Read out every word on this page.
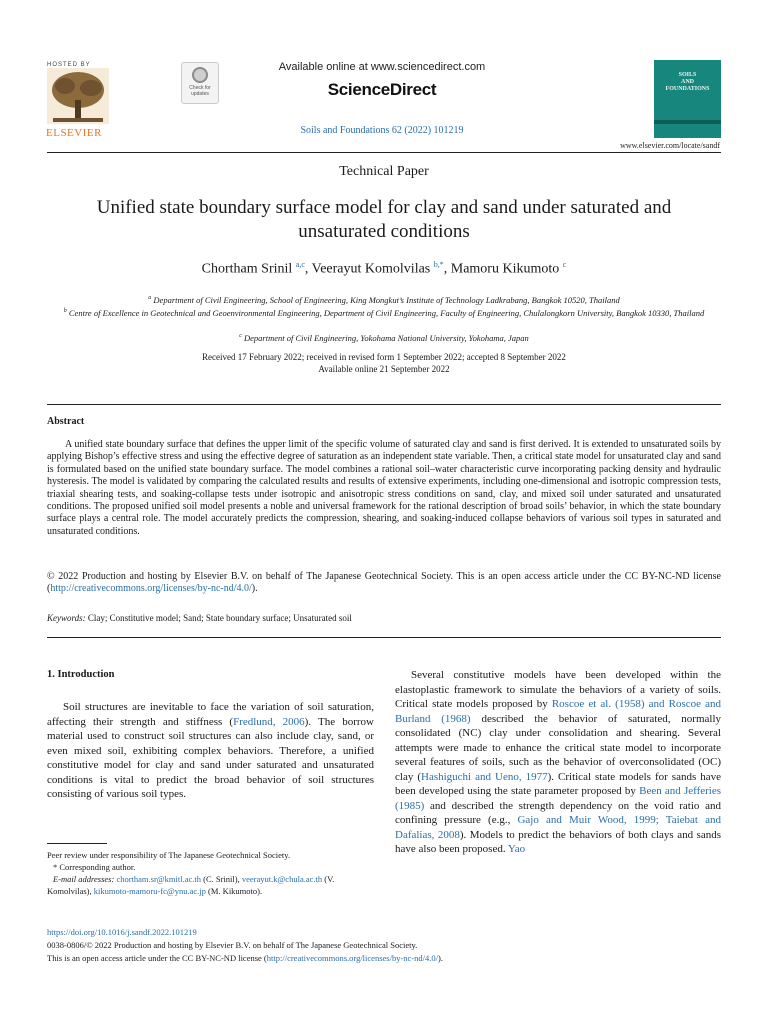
HOSTED BY
ELSEVIER
Check for
updates
Available online at www.sciencedirect.com
ScienceDirect
Soils and Foundations 62 (2022) 101219
SOILS
AND
FOUNDATIONS
www.elsevier.com/locate/sandf
Technical Paper
Unified state boundary surface model for clay and sand under saturated and unsaturated conditions
Chortham Srinil $^{a,c}$, Veerayut Komolvilas $^{b,*}$, Mamoru Kikumoto $^c$
$^a$ Department of Civil Engineering, School of Engineering, King Mongkut’s Institute of Technology Ladkrabang, Bangkok 10520, Thailand
$^b$ Centre of Excellence in Geotechnical and Geoenvironmental Engineering, Department of Civil Engineering, Faculty of Engineering, Chulalongkorn University, Bangkok 10330, Thailand
$^c$ Department of Civil Engineering, Yokohama National University, Yokohama, Japan
Received 17 February 2022; received in revised form 1 September 2022; accepted 8 September 2022
Available online 21 September 2022
Abstract
A unified state boundary surface that defines the upper limit of the specific volume of saturated clay and sand is first derived. It is extended to unsaturated soils by applying Bishop’s effective stress and using the effective degree of saturation as an independent state variable. Then, a critical state model for unsaturated clay and sand is formulated based on the unified state boundary surface. The model combines a rational soil–water characteristic curve incorporating packing density and hydraulic hysteresis. The model is validated by comparing the calculated results and results of extensive experiments, including one-dimensional and isotropic compression tests, triaxial shearing tests, and soaking-collapse tests under isotropic and anisotropic stress conditions on sand, clay, and mixed soil under saturated and unsaturated conditions. The proposed unified soil model presents a noble and universal framework for the rational description of broad soils’ behavior, in which the state boundary surface plays a central role. The model accurately predicts the compression, shearing, and soaking-induced collapse behaviors of various soil types in saturated and unsaturated conditions.
© 2022 Production and hosting by Elsevier B.V. on behalf of The Japanese Geotechnical Society. This is an open access article under the CC BY-NC-ND license (http://creativecommons.org/licenses/by-nc-nd/4.0/).
Keywords: Clay; Constitutive model; Sand; State boundary surface; Unsaturated soil
1. Introduction
Soil structures are inevitable to face the variation of soil saturation, affecting their strength and stiffness (Fredlund, 2006). The borrow material used to construct soil structures can also include clay, sand, or even mixed soil, exhibiting complex behaviors. Therefore, a unified constitutive model for clay and sand under saturated and unsaturated conditions is vital to predict the broad behavior of soil structures consisting of various soil types.
Several constitutive models have been developed within the elastoplastic framework to simulate the behaviors of a variety of soils. Critical state models proposed by Roscoe et al. (1958) and Roscoe and Burland (1968) described the behavior of saturated, normally consolidated (NC) clay under consolidation and shearing. Several attempts were made to enhance the critical state model to incorporate several features of soils, such as the behavior of overconsolidated (OC) clay (Hashiguchi and Ueno, 1977). Critical state models for sands have been developed using the state parameter proposed by Been and Jefferies (1985) and described the strength dependency on the void ratio and confining pressure (e.g., Gajo and Muir Wood, 1999; Taiebat and Dafalias, 2008). Models to predict the behaviors of both clays and sands have also been proposed. Yao
Peer review under responsibility of The Japanese Geotechnical Society.
* Corresponding author.
E-mail addresses: chortham.sr@kmitl.ac.th (C. Srinil), veerayut.k@chula.ac.th (V. Komolvilas), kikumoto-mamoru-fc@ynu.ac.jp (M. Kikumoto).
https://doi.org/10.1016/j.sandf.2022.101219
0038-0806/© 2022 Production and hosting by Elsevier B.V. on behalf of The Japanese Geotechnical Society.
This is an open access article under the CC BY-NC-ND license (http://creativecommons.org/licenses/by-nc-nd/4.0/).
